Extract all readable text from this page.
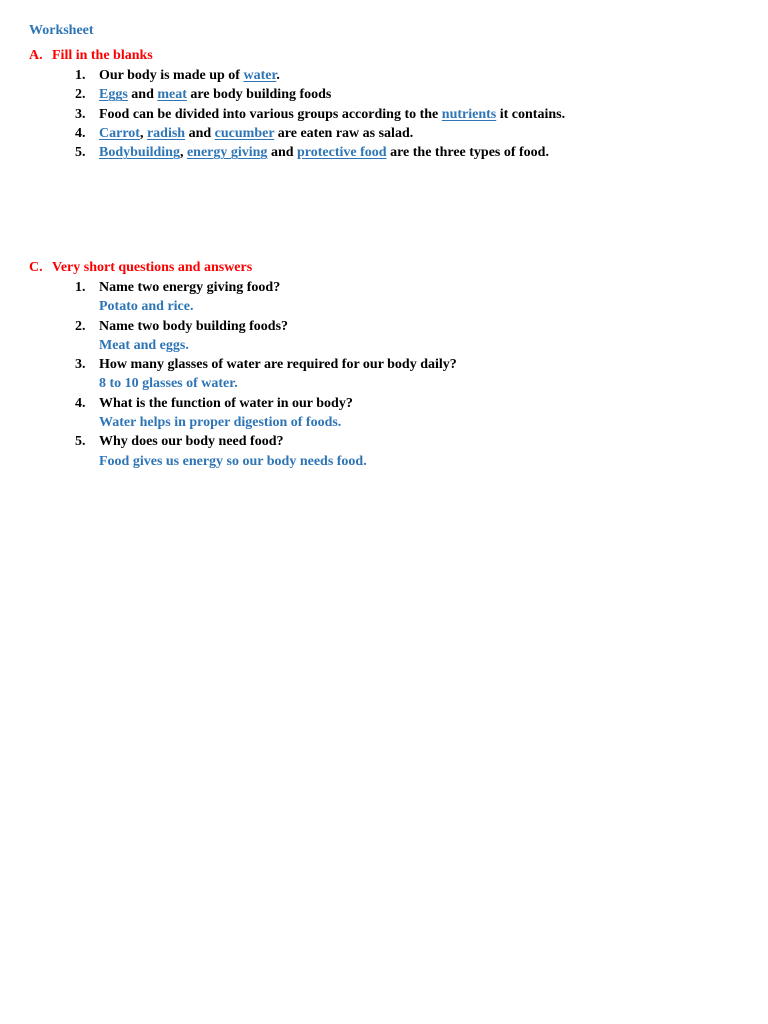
Worksheet
A. Fill in the blanks
1. Our body is made up of water.
2. Eggs and meat are body building foods
3. Food can be divided into various groups according to the nutrients it contains.
4. Carrot, radish and cucumber are eaten raw as salad.
5. Bodybuilding, energy giving and protective food are the three types of food.
C. Very short questions and answers
1. Name two energy giving food?
Potato and rice.
2. Name two body building foods?
Meat and eggs.
3. How many glasses of water are required for our body daily?
8 to 10 glasses of water.
4. What is the function of water in our body?
Water helps in proper digestion of foods.
5. Why does our body need food?
Food gives us energy so our body needs food.
